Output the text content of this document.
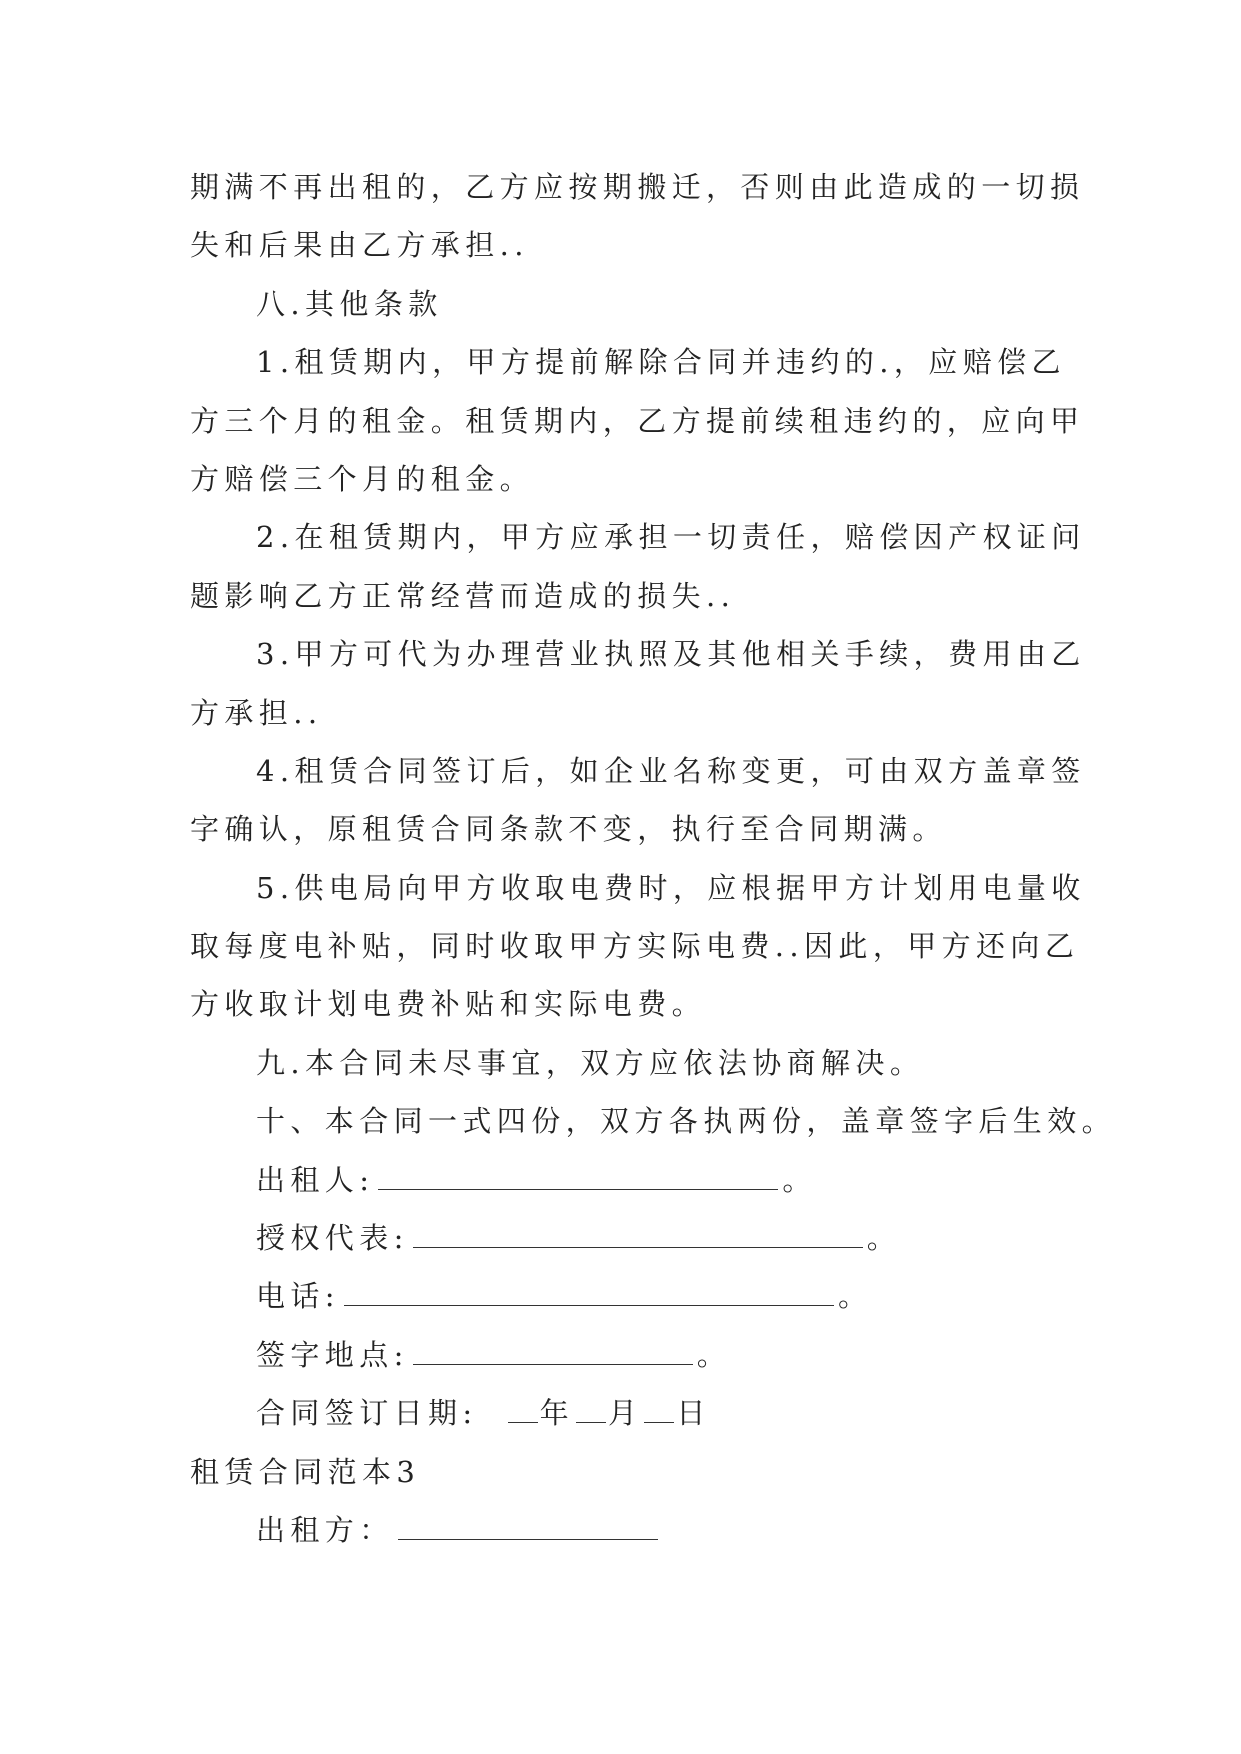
期满不再出租的，乙方应按期搬迁，否则由此造成的一切损
失和后果由乙方承担..
八.其他条款
1.租赁期内，甲方提前解除合同并违约的.，应赔偿乙
方三个月的租金。租赁期内，乙方提前续租违约的，应向甲
方赔偿三个月的租金。
2.在租赁期内，甲方应承担一切责任，赔偿因产权证问
题影响乙方正常经营而造成的损失..
3.甲方可代为办理营业执照及其他相关手续，费用由乙
方承担..
4.租赁合同签订后，如企业名称变更，可由双方盖章签
字确认，原租赁合同条款不变，执行至合同期满。
5.供电局向甲方收取电费时，应根据甲方计划用电量收
取每度电补贴，同时收取甲方实际电费..因此，甲方还向乙
方收取计划电费补贴和实际电费。
九.本合同未尽事宜，双方应依法协商解决。
十、本合同一式四份，双方各执两份，盖章签字后生效。
出租人:	。
授权代表:	。
电话:	。
签字地点:	。
合同签订日期: 年 月 日
租赁合同范本3
出租方：
